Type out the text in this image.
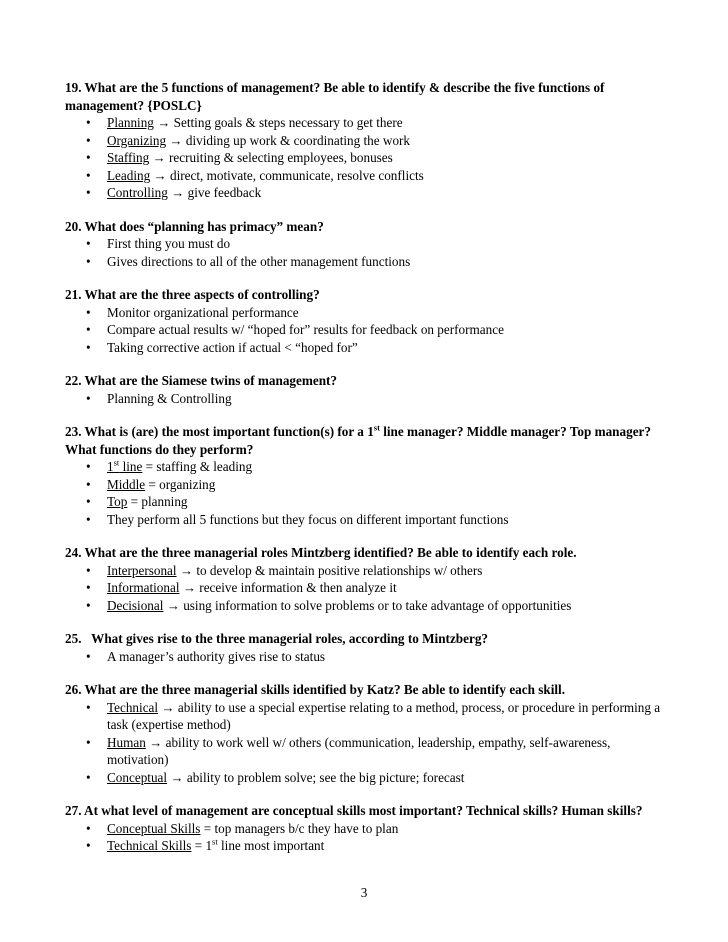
19. What are the 5 functions of management? Be able to identify & describe the five functions of management? {POSLC}
• Planning → Setting goals & steps necessary to get there
• Organizing → dividing up work & coordinating the work
• Staffing → recruiting & selecting employees, bonuses
• Leading → direct, motivate, communicate, resolve conflicts
• Controlling → give feedback
20. What does “planning has primacy” mean?
• First thing you must do
• Gives directions to all of the other management functions
21. What are the three aspects of controlling?
• Monitor organizational performance
• Compare actual results w/ “hoped for” results for feedback on performance
• Taking corrective action if actual < “hoped for”
22. What are the Siamese twins of management?
• Planning & Controlling
23. What is (are) the most important function(s) for a 1st line manager? Middle manager? Top manager? What functions do they perform?
• 1st line = staffing & leading
• Middle = organizing
• Top = planning
• They perform all 5 functions but they focus on different important functions
24. What are the three managerial roles Mintzberg identified? Be able to identify each role.
• Interpersonal → to develop & maintain positive relationships w/ others
• Informational → receive information & then analyze it
• Decisional → using information to solve problems or to take advantage of opportunities
25.   What gives rise to the three managerial roles, according to Mintzberg?
• A manager’s authority gives rise to status
26. What are the three managerial skills identified by Katz? Be able to identify each skill.
• Technical → ability to use a special expertise relating to a method, process, or procedure in performing a task (expertise method)
• Human → ability to work well w/ others (communication, leadership, empathy, self-awareness, motivation)
• Conceptual → ability to problem solve; see the big picture; forecast
27. At what level of management are conceptual skills most important? Technical skills? Human skills?
• Conceptual Skills = top managers b/c they have to plan
• Technical Skills = 1st line most important
3
